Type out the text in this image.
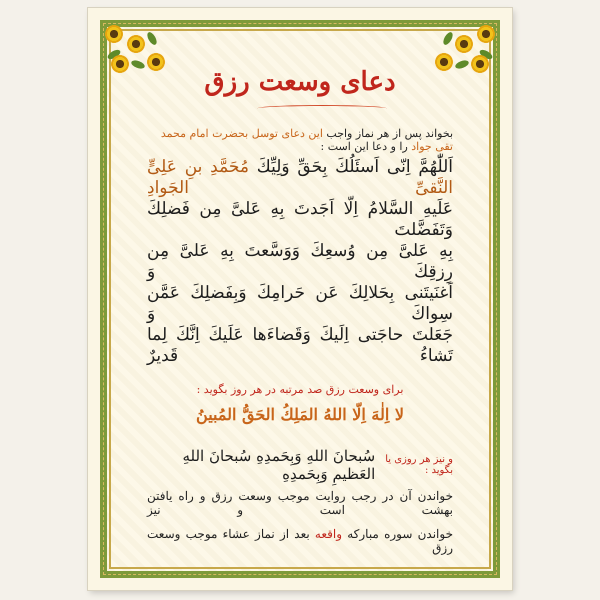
دعای وسعت رزق
بخواند پس از هر نماز واجب این دعای توسل بحضرت امام محمد تقی جواد را و دعا این است :
اَللّٰهُمَّ اِنّی اَسئَلُكَ بِحَقِّ وَلِیِّكَ مُحَمَّدِ بنِ عَلِیٍّ النَّقیِّ الجَوادِ
عَلَیهِ السَّلامُ اِلّا اَجَدتَ بِهِ عَلیَّ مِن فَضلِكَ وَتَفَضَّلتَ
بِهِ عَلیَّ مِن وُسعِكَ وَوَسَّعتَ بِهِ عَلیَّ مِن رِزقِكَ وَ
اَغنَیتَنی بِحَلالِكَ عَن حَرامِكَ وَبِفَضلِكَ عَمَّن سِواكَ وَ
جَعَلتَ حاجَتی اِلَیكَ وَقَضاءَها عَلَیكَ اِنَّكَ لِما تَشاءُ قَدیرٌ
برای وسعت رزق صد مرتبه در هر روز بگوید :
لا اِلٰهَ اِلّا اللهُ المَلِكُ الحَقُّ المُبینُ
و نیز هر روزی یا بگوید :
سُبحانَ اللهِ وَبِحَمدِهِ سُبحانَ اللهِ العَظیمِ وَبِحَمدِهِ
خواندن آن در رجب روایت موجب وسعت رزق و راه یافتن بهشت است و نیز
خواندن سوره مبارکه واقعه بعد از نماز عشاء موجب وسعت رزق
